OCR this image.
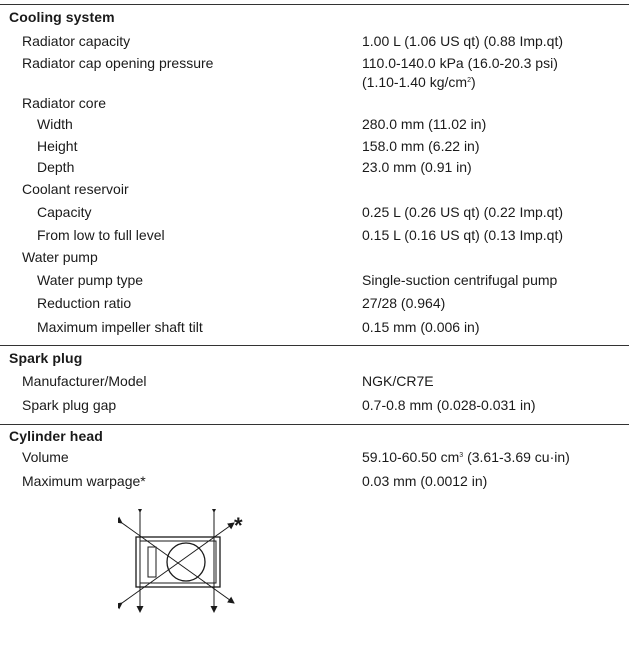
Cooling system
Radiator capacity	1.00 L (1.06 US qt) (0.88 Imp.qt)
Radiator cap opening pressure	110.0-140.0 kPa (16.0-20.3 psi)
(1.10-1.40 $kg/cm^2$)
Radiator core
Width	280.0 mm (11.02 in)
Height	158.0 mm (6.22 in)
Depth	23.0 mm (0.91 in)
Coolant reservoir
Capacity	0.25 L (0.26 US qt) (0.22 Imp.qt)
From low to full level	0.15 L (0.16 US qt) (0.13 Imp.qt)
Water pump
Water pump type	Single-suction centrifugal pump
Reduction ratio	27/28 (0.964)
Maximum impeller shaft tilt	0.15 mm (0.006 in)
Spark plug
Manufacturer/Model	NGK/CR7E
Spark plug gap	0.7-0.8 mm (0.028-0.031 in)
Cylinder head
Volume	59.10-60.50 $cm^3$ (3.61-3.69 cu·in)
Maximum warpage*	0.03 mm (0.0012 in)
*
